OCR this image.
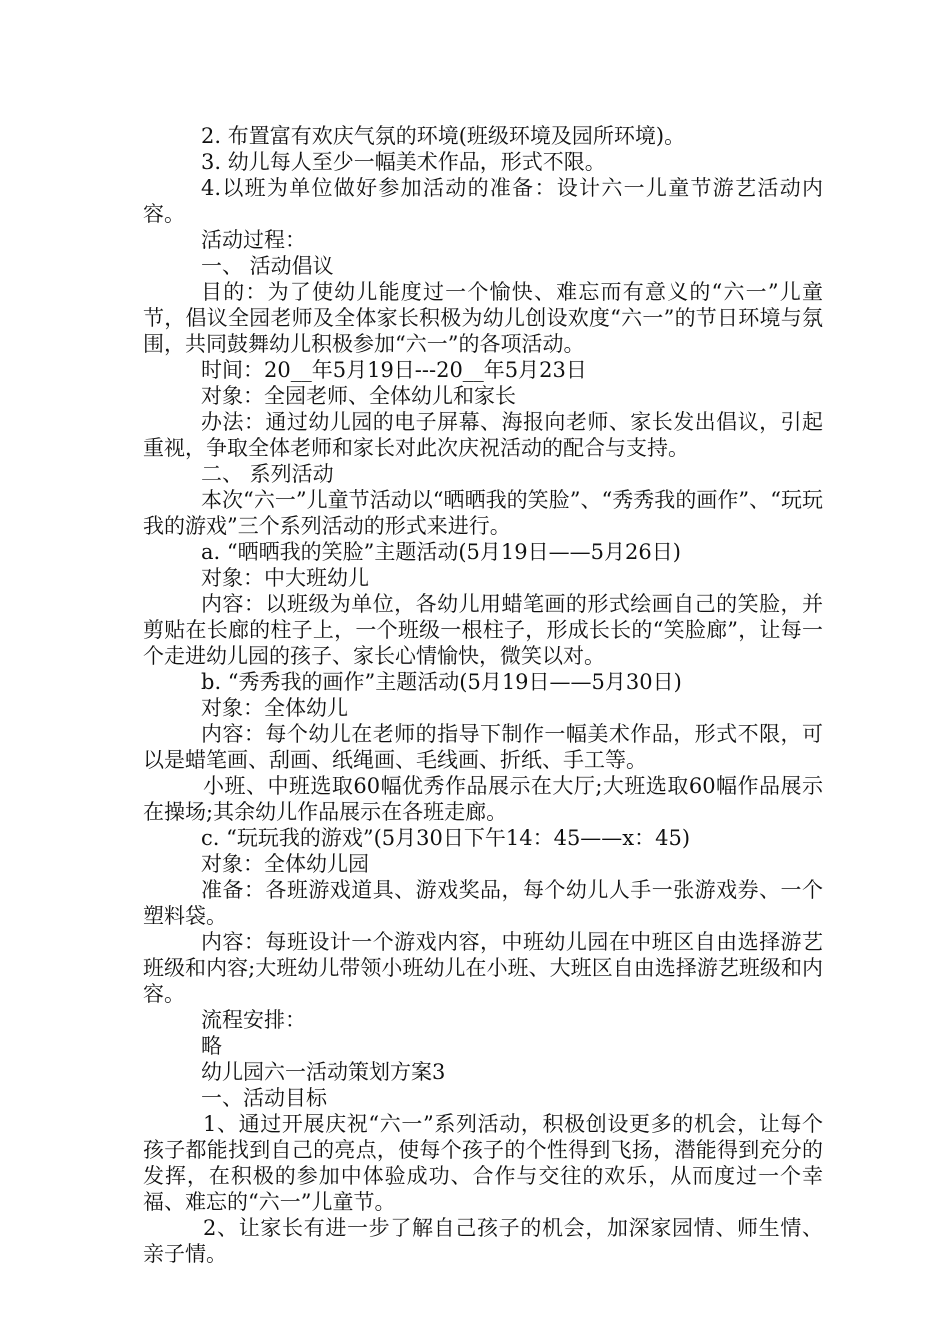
2. 布置富有欢庆气氛的环境(班级环境及园所环境)。

3. 幼儿每人至少一幅美术作品，形式不限。

4.以班为单位做好参加活动的准备：设计六一儿童节游艺活动内容。

活动过程：

一、 活动倡议

目的：为了使幼儿能度过一个愉快、难忘而有意义的“六一”儿童节，倡议全园老师及全体家长积极为幼儿创设欢度“六一”的节日环境与氛围，共同鼓舞幼儿积极参加“六一”的各项活动。

时间：20__年5月19日---20__年5月23日

对象：全园老师、全体幼儿和家长

办法：通过幼儿园的电子屏幕、海报向老师、家长发出倡议，引起重视，争取全体老师和家长对此次庆祝活动的配合与支持。

二、 系列活动

本次“六一”儿童节活动以“晒晒我的笑脸”、“秀秀我的画作”、“玩玩我的游戏”三个系列活动的形式来进行。

a. “晒晒我的笑脸”主题活动(5月19日——5月26日)

对象：中大班幼儿

内容：以班级为单位，各幼儿用蜡笔画的形式绘画自己的笑脸，并剪贴在长廊的柱子上，一个班级一根柱子，形成长长的“笑脸廊”，让每一个走进幼儿园的孩子、家长心情愉快，微笑以对。

b. “秀秀我的画作”主题活动(5月19日——5月30日)

对象：全体幼儿

内容：每个幼儿在老师的指导下制作一幅美术作品，形式不限，可以是蜡笔画、刮画、纸绳画、毛线画、折纸、手工等。

小班、中班选取60幅优秀作品展示在大厅;大班选取60幅作品展示在操场;其余幼儿作品展示在各班走廊。

c. “玩玩我的游戏”(5月30日下午14：45——x：45)

对象：全体幼儿园

准备：各班游戏道具、游戏奖品，每个幼儿人手一张游戏券、一个塑料袋。

内容：每班设计一个游戏内容，中班幼儿园在中班区自由选择游艺班级和内容;大班幼儿带领小班幼儿在小班、大班区自由选择游艺班级和内容。

流程安排：

略

幼儿园六一活动策划方案3

一、活动目标

1、通过开展庆祝“六一”系列活动，积极创设更多的机会，让每个孩子都能找到自己的亮点，使每个孩子的个性得到飞扬，潜能得到充分的发挥，在积极的参加中体验成功、合作与交往的欢乐，从而度过一个幸福、难忘的“六一”儿童节。

2、让家长有进一步了解自己孩子的机会，加深家园情、师生情、亲子情。
